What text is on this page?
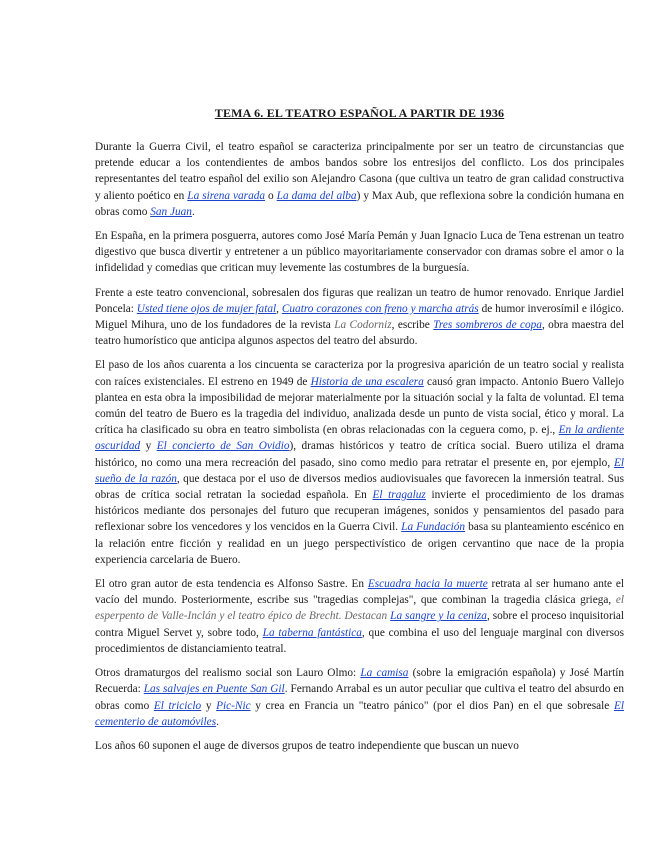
TEMA 6. EL TEATRO ESPAÑOL A PARTIR DE 1936

Durante la Guerra Civil, el teatro español se caracteriza principalmente por ser un teatro de circunstancias que pretende educar a los contendientes de ambos bandos sobre los entresijos del conflicto. Los dos principales representantes del teatro español del exilio son Alejandro Casona (que cultiva un teatro de gran calidad constructiva y aliento poético en La sirena varada o La dama del alba) y Max Aub, que reflexiona sobre la condición humana en obras como San Juan.

En España, en la primera posguerra, autores como José María Pemán y Juan Ignacio Luca de Tena estrenan un teatro digestivo que busca divertir y entretener a un público mayoritariamente conservador con dramas sobre el amor o la infidelidad y comedias que critican muy levemente las costumbres de la burguesía.

Frente a este teatro convencional, sobresalen dos figuras que realizan un teatro de humor renovado. Enrique Jardiel Poncela: Usted tiene ojos de mujer fatal, Cuatro corazones con freno y marcha atrás de humor inverosímil e ilógico. Miguel Mihura, uno de los fundadores de la revista La Codorniz, escribe Tres sombreros de copa, obra maestra del teatro humorístico que anticipa algunos aspectos del teatro del absurdo.

El paso de los años cuarenta a los cincuenta se caracteriza por la progresiva aparición de un teatro social y realista con raíces existenciales. El estreno en 1949 de Historia de una escalera causó gran impacto. Antonio Buero Vallejo plantea en esta obra la imposibilidad de mejorar materialmente por la situación social y la falta de voluntad. El tema común del teatro de Buero es la tragedia del individuo, analizada desde un punto de vista social, ético y moral. La crítica ha clasificado su obra en teatro simbolista (en obras relacionadas con la ceguera como, p. ej., En la ardiente oscuridad y El concierto de San Ovidio), dramas históricos y teatro de crítica social. Buero utiliza el drama histórico, no como una mera recreación del pasado, sino como medio para retratar el presente en, por ejemplo, El sueño de la razón, que destaca por el uso de diversos medios audiovisuales que favorecen la inmersión teatral. Sus obras de crítica social retratan la sociedad española. En El tragaluz invierte el procedimiento de los dramas históricos mediante dos personajes del futuro que recuperan imágenes, sonidos y pensamientos del pasado para reflexionar sobre los vencedores y los vencidos en la Guerra Civil. La Fundación basa su planteamiento escénico en la relación entre ficción y realidad en un juego perspectivístico de origen cervantino que nace de la propia experiencia carcelaria de Buero.

El otro gran autor de esta tendencia es Alfonso Sastre. En Escuadra hacia la muerte retrata al ser humano ante el vacío del mundo. Posteriormente, escribe sus "tragedias complejas", que combinan la tragedia clásica griega, el esperpento de Valle-Inclán y el teatro épico de Brecht. Destacan La sangre y la ceniza, sobre el proceso inquisitorial contra Miguel Servet y, sobre todo, La taberna fantástica, que combina el uso del lenguaje marginal con diversos procedimientos de distanciamiento teatral.

Otros dramaturgos del realismo social son Lauro Olmo: La camisa (sobre la emigración española) y José Martín Recuerda: Las salvajes en Puente San Gil. Fernando Arrabal es un autor peculiar que cultiva el teatro del absurdo en obras como El triciclo y Pic-Nic y crea en Francia un "teatro pánico" (por el dios Pan) en el que sobresale El cementerio de automóviles.

Los años 60 suponen el auge de diversos grupos de teatro independiente que buscan un nuevo
